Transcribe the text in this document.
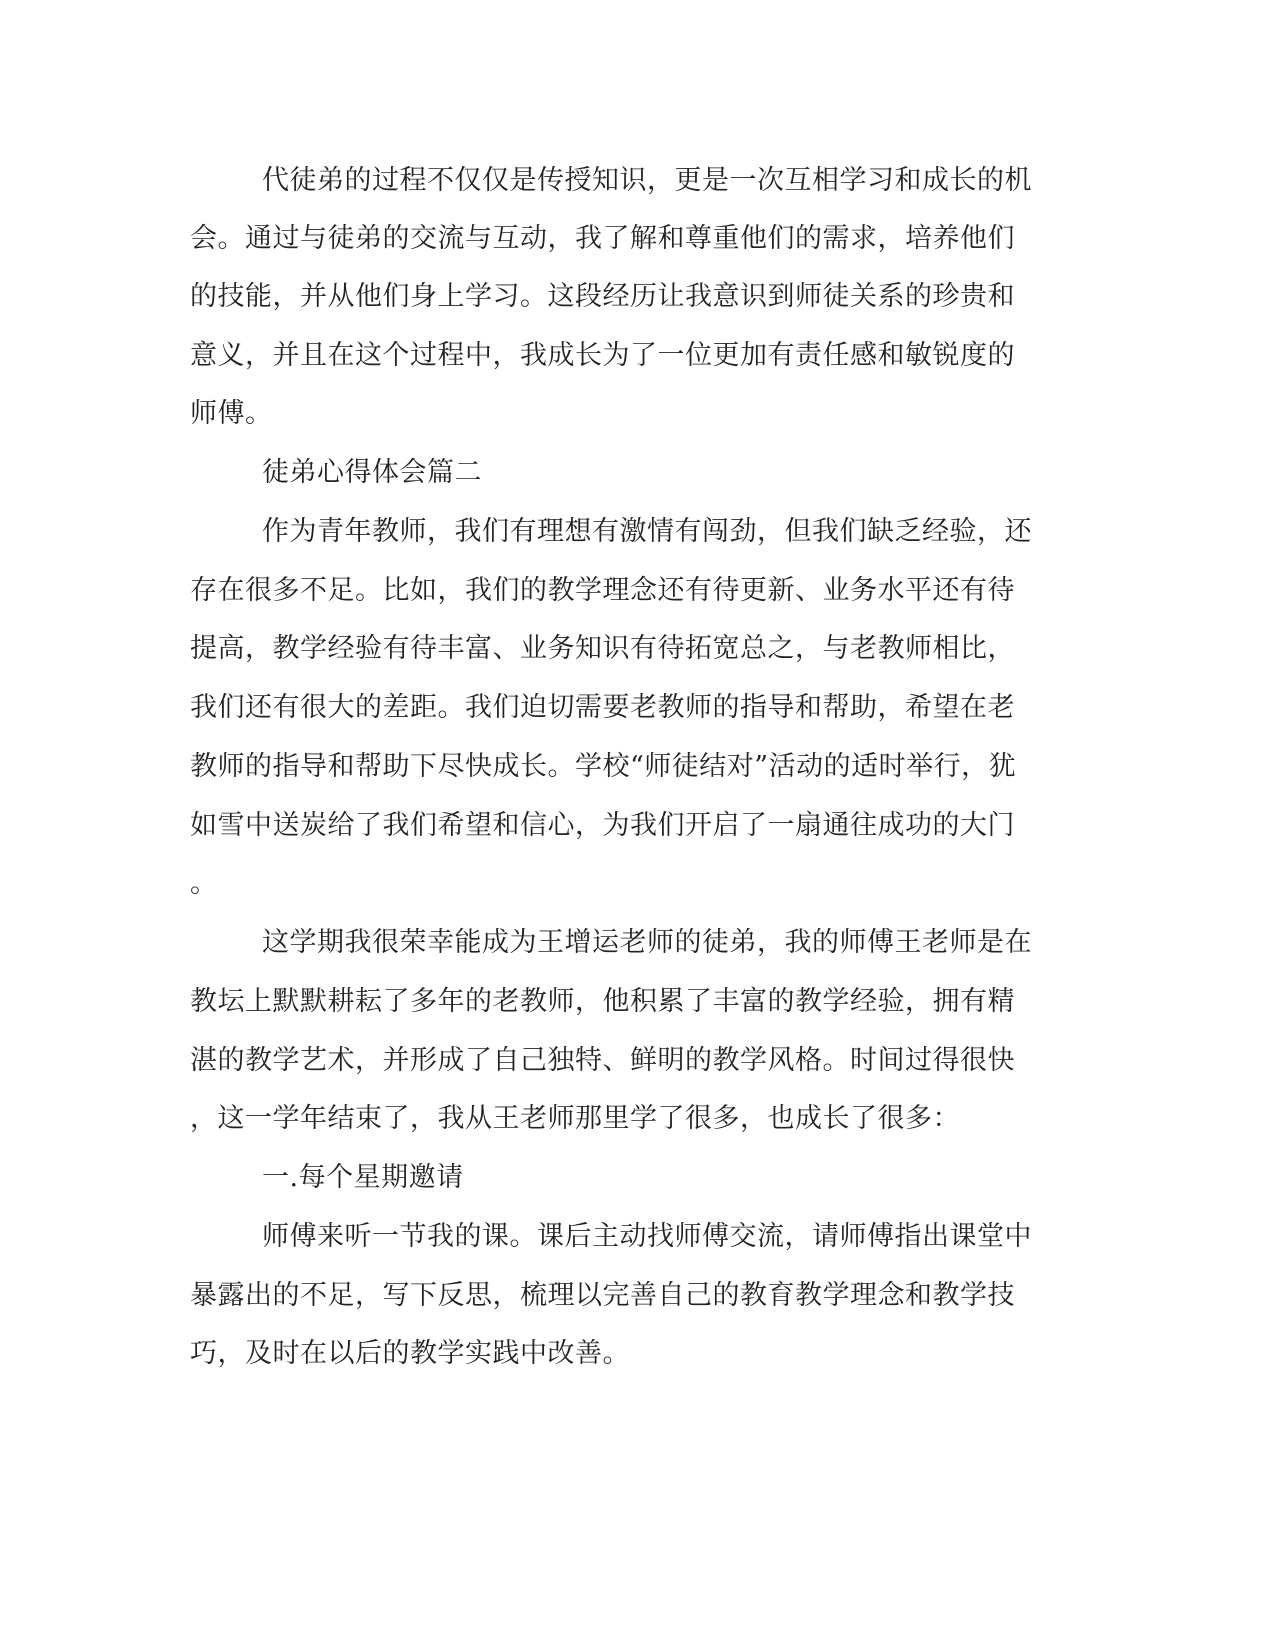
代徒弟的过程不仅仅是传授知识，更是一次互相学习和成长的机

会。通过与徒弟的交流与互动，我了解和尊重他们的需求，培养他们

的技能，并从他们身上学习。这段经历让我意识到师徒关系的珍贵和

意义，并且在这个过程中，我成长为了一位更加有责任感和敏锐度的

师傅。

徒弟心得体会篇二

作为青年教师，我们有理想有激情有闯劲，但我们缺乏经验，还

存在很多不足。比如，我们的教学理念还有待更新、业务水平还有待

提高，教学经验有待丰富、业务知识有待拓宽总之，与老教师相比，

我们还有很大的差距。我们迫切需要老教师的指导和帮助，希望在老

教师的指导和帮助下尽快成长。学校“师徒结对”活动的适时举行，犹

如雪中送炭给了我们希望和信心，为我们开启了一扇通往成功的大门

。

这学期我很荣幸能成为王增运老师的徒弟，我的师傅王老师是在

教坛上默默耕耘了多年的老教师，他积累了丰富的教学经验，拥有精

湛的教学艺术，并形成了自己独特、鲜明的教学风格。时间过得很快

，这一学年结束了，我从王老师那里学了很多，也成长了很多：

一.每个星期邀请

师傅来听一节我的课。课后主动找师傅交流，请师傅指出课堂中

暴露出的不足，写下反思，梳理以完善自己的教育教学理念和教学技

巧，及时在以后的教学实践中改善。
